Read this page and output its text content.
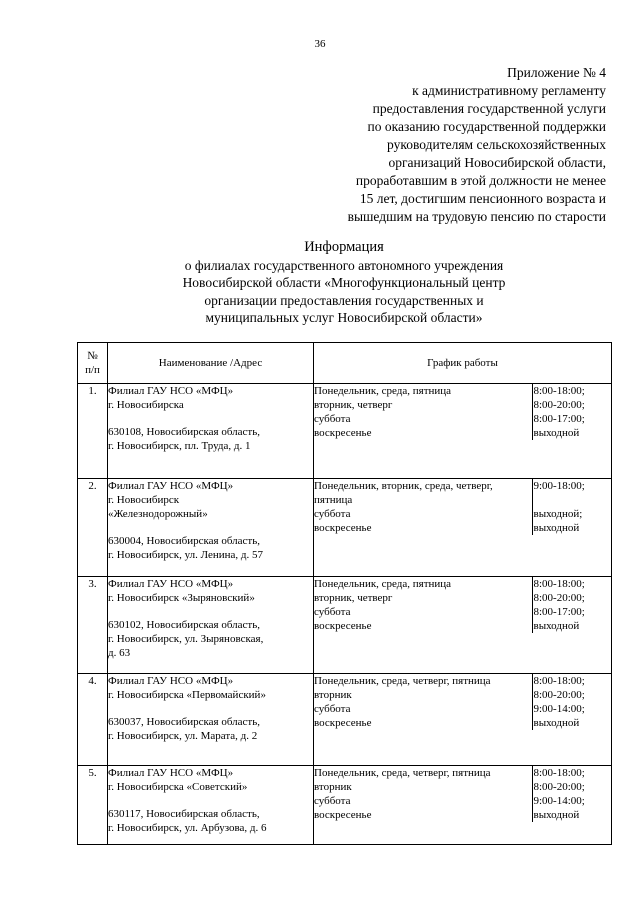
36
Приложение № 4
к административному регламенту
предоставления государственной услуги
по оказанию государственной поддержки
руководителям сельскохозяйственных
организаций Новосибирской области,
проработавшим в этой должности не менее
15 лет, достигшим пенсионного возраста и
вышедшим на трудовую пенсию по старости
Информация
о филиалах государственного автономного учреждения
Новосибирской области «Многофункциональный центр
организации предоставления государственных и
муниципальных услуг Новосибирской области»
№
п/п	Наименование /Адрес	График работы	
1.	Филиал ГАУ НСО «МФЦ»
г. Новосибирска
630108, Новосибирская область,
г. Новосибирск, пл. Труда, д. 1	Понедельник, среда, пятница
вторник, четверг
суббота
воскресенье	8:00-18:00;
8:00-20:00;
8:00-17:00;
выходной

2.	Филиал ГАУ НСО «МФЦ»
г. Новосибирск
«Железнодорожный»
630004, Новосибирская область,
г. Новосибирск, ул. Ленина, д. 57	Понедельник, вторник, среда, четверг,
пятница
суббота
воскресенье	9:00-18:00;
выходной;
выходной

3.	Филиал ГАУ НСО «МФЦ»
г. Новосибирск «Зыряновский»
630102, Новосибирская область,
г. Новосибирск, ул. Зыряновская,
д. 63	Понедельник, среда, пятница
вторник, четверг
суббота
воскресенье	8:00-18:00;
8:00-20:00;
8:00-17:00;
выходной

4.	Филиал ГАУ НСО «МФЦ»
г. Новосибирска «Первомайский»
630037, Новосибирская область,
г. Новосибирск, ул. Марата, д. 2	Понедельник, среда, четверг, пятница
вторник
суббота
воскресенье	8:00-18:00;
8:00-20:00;
9:00-14:00;
выходной

5.	Филиал ГАУ НСО «МФЦ»
г. Новосибирска «Советский»
630117, Новосибирская область,
г. Новосибирск, ул. Арбузова, д. 6	Понедельник, среда, четверг, пятница
вторник
суббота
воскресенье	8:00-18:00;
8:00-20:00;
9:00-14:00;
выходной
